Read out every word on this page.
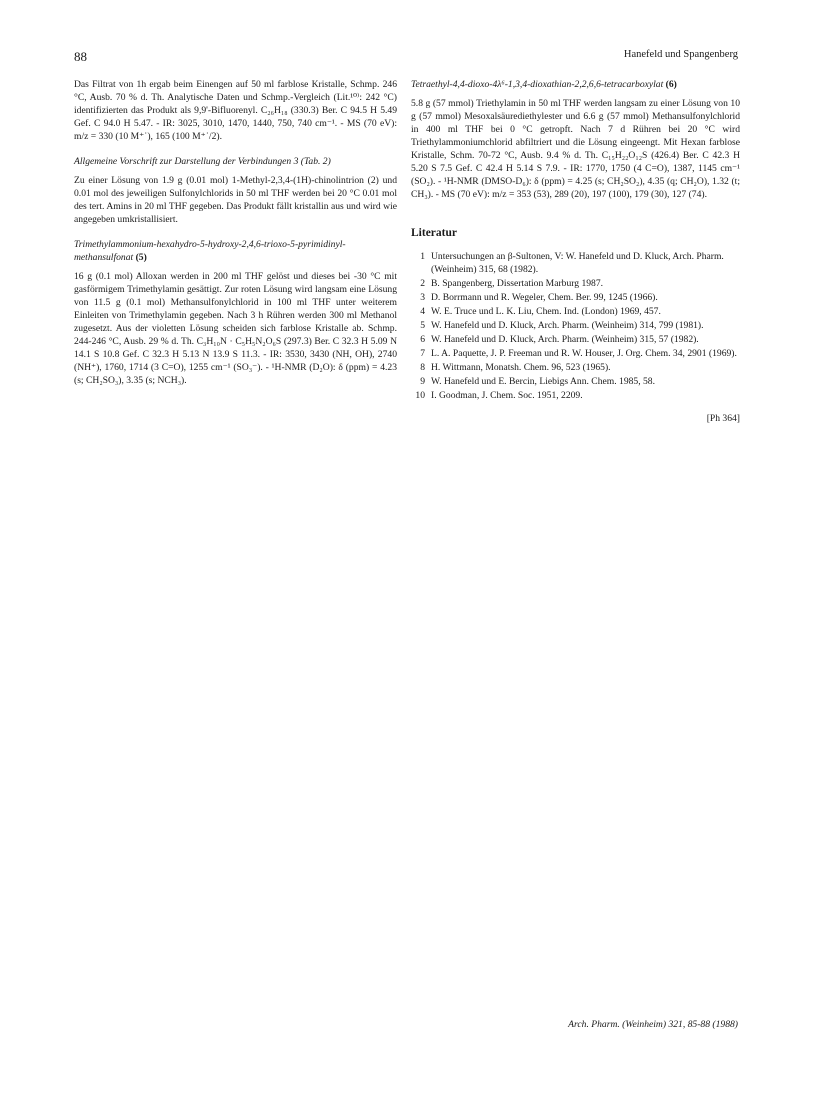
88	Hanefeld und Spangenberg

Das Filtrat von 1h ergab beim Einengen auf 50 ml farblose Kristalle, Schmp. 246 °C, Ausb. 70 % d. Th. Analytische Daten und Schmp.-Vergleich (Lit.¹⁰⁾: 242 °C) identifizierten das Produkt als 9,9'-Bifluorenyl. C₂₆H₁₈ (330.3) Ber. C 94.5 H 5.49 Gef. C 94.0 H 5.47. - IR: 3025, 3010, 1470, 1440, 750, 740 cm⁻¹. - MS (70 eV): m/z = 330 (10 M⁺˙), 165 (100 M⁺˙/2).

Allgemeine Vorschrift zur Darstellung der Verbindungen 3 (Tab. 2)

Zu einer Lösung von 1.9 g (0.01 mol) 1-Methyl-2,3,4-(1H)-chinolintrion (2) und 0.01 mol des jeweiligen Sulfonylchlorids in 50 ml THF werden bei 20 °C 0.01 mol des tert. Amins in 20 ml THF gegeben. Das Produkt fällt kristallin aus und wird wie angegeben umkristallisiert.

Trimethylammonium-hexahydro-5-hydroxy-2,4,6-trioxo-5-pyrimidinyl-methansulfonat (5)

16 g (0.1 mol) Alloxan werden in 200 ml THF gelöst und dieses bei -30 °C mit gasförmigem Trimethylamin gesättigt. Zur roten Lösung wird langsam eine Lösung von 11.5 g (0.1 mol) Methansulfonylchlorid in 100 ml THF unter weiterem Einleiten von Trimethylamin gegeben. Nach 3 h Rühren werden 300 ml Methanol zugesetzt. Aus der violetten Lösung scheiden sich farblose Kristalle ab. Schmp. 244-246 °C, Ausb. 29 % d. Th. C₃H₁₀N · C₅H₅N₂O₆S (297.3) Ber. C 32.3 H 5.09 N 14.1 S 10.8 Gef. C 32.3 H 5.13 N 13.9 S 11.3. - IR: 3530, 3430 (NH, OH), 2740 (NH⁺), 1760, 1714 (3 C=O), 1255 cm⁻¹ (SO₃⁻). - ¹H-NMR (D₂O): δ (ppm) = 4.23 (s; CH₂SO₃), 3.35 (s; NCH₃).

Tetraethyl-4,4-dioxo-4λ⁶-1,3,4-dioxathian-2,2,6,6-tetracarboxylat (6)

5.8 g (57 mmol) Triethylamin in 50 ml THF werden langsam zu einer Lösung von 10 g (57 mmol) Mesoxalsäurediethylester und 6.6 g (57 mmol) Methansulfonylchlorid in 400 ml THF bei 0 °C getropft. Nach 7 d Rühren bei 20 °C wird Triethylammoniumchlorid abfiltriert und die Lösung eingeengt. Mit Hexan farblose Kristalle, Schm. 70-72 °C, Ausb. 9.4 % d. Th. C₁₅H₂₂O₁₂S (426.4) Ber. C 42.3 H 5.20 S 7.5 Gef. C 42.4 H 5.14 S 7.9. - IR: 1770, 1750 (4 C=O), 1387, 1145 cm⁻¹ (SO₂). - ¹H-NMR (DMSO-D₆): δ (ppm) = 4.25 (s; CH₂SO₂), 4.35 (q; CH₂O), 1.32 (t; CH₃). - MS (70 eV): m/z = 353 (53), 289 (20), 197 (100), 179 (30), 127 (74).

Literatur
1 Untersuchungen an β-Sultonen, V: W. Hanefeld und D. Kluck, Arch. Pharm. (Weinheim) 315, 68 (1982).
2 B. Spangenberg, Dissertation Marburg 1987.
3 D. Borrmann und R. Wegeler, Chem. Ber. 99, 1245 (1966).
4 W. E. Truce und L. K. Liu, Chem. Ind. (London) 1969, 457.
5 W. Hanefeld und D. Kluck, Arch. Pharm. (Weinheim) 314, 799 (1981).
6 W. Hanefeld und D. Kluck, Arch. Pharm. (Weinheim) 315, 57 (1982).
7 L. A. Paquette, J. P. Freeman und R. W. Houser, J. Org. Chem. 34, 2901 (1969).
8 H. Wittmann, Monatsh. Chem. 96, 523 (1965).
9 W. Hanefeld und E. Bercin, Liebigs Ann. Chem. 1985, 58.
10 I. Goodman, J. Chem. Soc. 1951, 2209.
[Ph 364]
Arch. Pharm. (Weinheim) 321, 85-88 (1988)
